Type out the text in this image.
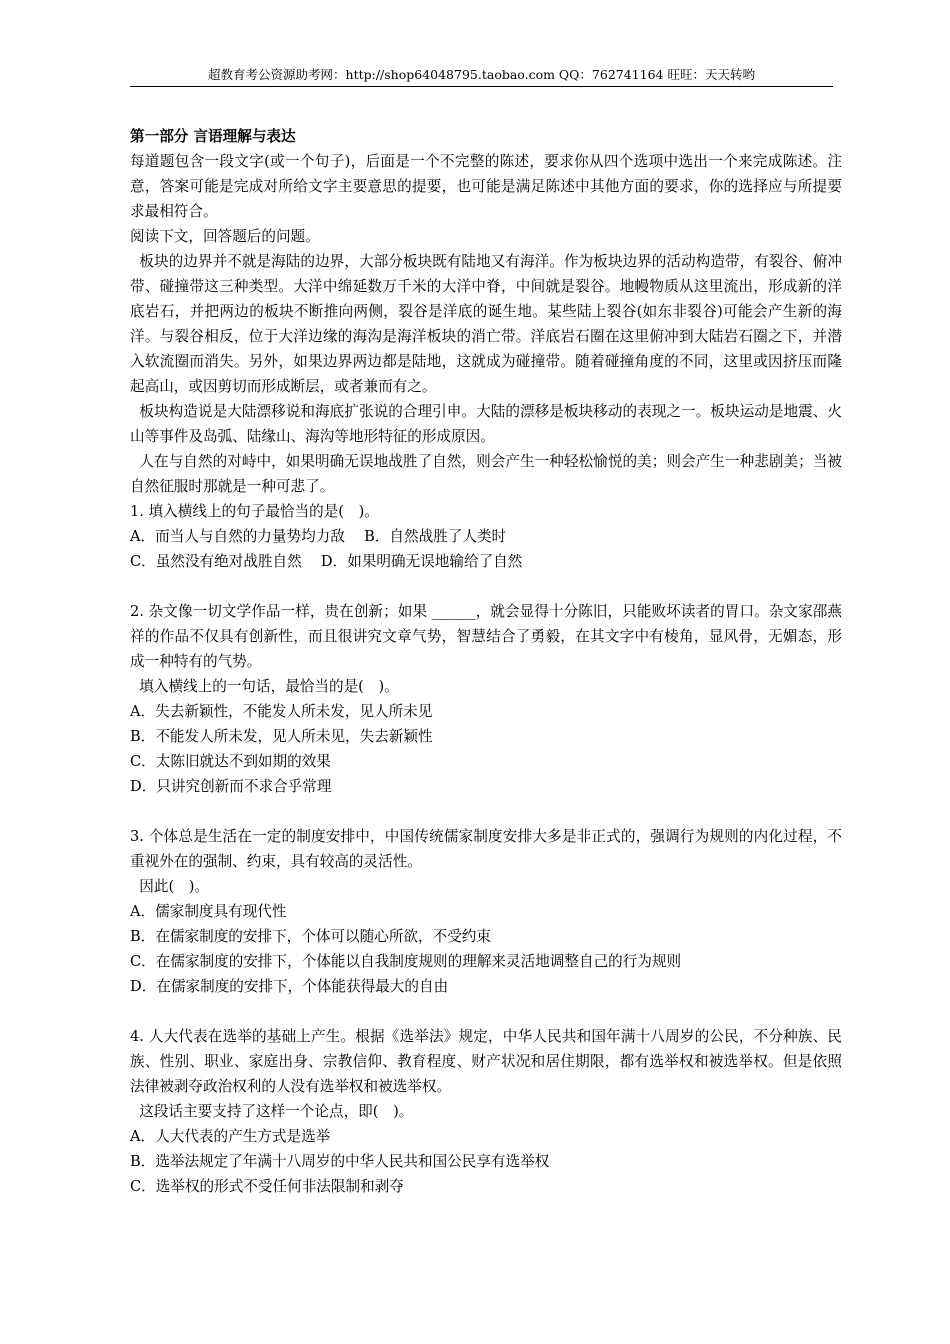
超教育考公资源助考网：http://shop64048795.taobao.com QQ：762741164 旺旺：天天转哟

第一部分 言语理解与表达

每道题包含一段文字(或一个句子)，后面是一个不完整的陈述，要求你从四个选项中选出一个来完成陈述。注意，答案可能是完成对所给文字主要意思的提要，也可能是满足陈述中其他方面的要求，你的选择应与所提要求最相符合。

阅读下文，回答题后的问题。

板块的边界并不就是海陆的边界，大部分板块既有陆地又有海洋。作为板块边界的活动构造带，有裂谷、俯冲带、碰撞带这三种类型。大洋中绵延数万千米的大洋中脊，中间就是裂谷。地幔物质从这里流出，形成新的洋底岩石，并把两边的板块不断推向两侧，裂谷是洋底的诞生地。某些陆上裂谷(如东非裂谷)可能会产生新的海洋。与裂谷相反，位于大洋边缘的海沟是海洋板块的消亡带。洋底岩石圈在这里俯冲到大陆岩石圈之下，并潜入软流圈而消失。另外，如果边界两边都是陆地，这就成为碰撞带。随着碰撞角度的不同，这里或因挤压而隆起高山，或因剪切而形成断层，或者兼而有之。

板块构造说是大陆漂移说和海底扩张说的合理引申。大陆的漂移是板块移动的表现之一。板块运动是地震、火山等事件及岛弧、陆缘山、海沟等地形特征的形成原因。

人在与自然的对峙中，如果明确无误地战胜了自然，则会产生一种轻松愉悦的美；则会产生一种悲剧美；当被自然征服时那就是一种可悲了。

1. 填入横线上的句子最恰当的是(　)。

A．而当人与自然的力量势均力敌　 B．自然战胜了人类时

C．虽然没有绝对战胜自然　 D．如果明确无误地输给了自然

2. 杂文像一切文学作品一样，贵在创新；如果 ______，就会显得十分陈旧，只能败坏读者的胃口。杂文家邵燕祥的作品不仅具有创新性，而且很讲究文章气势，智慧结合了勇毅，在其文字中有棱角，显风骨，无媚态，形成一种特有的气势。

填入横线上的一句话，最恰当的是(　)。

A．失去新颖性，不能发人所未发，见人所未见

B．不能发人所未发，见人所未见，失去新颖性

C．太陈旧就达不到如期的效果

D．只讲究创新而不求合乎常理

3. 个体总是生活在一定的制度安排中，中国传统儒家制度安排大多是非正式的，强调行为规则的内化过程，不重视外在的强制、约束，具有较高的灵活性。

因此(　)。

A．儒家制度具有现代性

B．在儒家制度的安排下，个体可以随心所欲，不受约束

C．在儒家制度的安排下，个体能以自我制度规则的理解来灵活地调整自己的行为规则

D．在儒家制度的安排下，个体能获得最大的自由

4. 人大代表在选举的基础上产生。根据《选举法》规定，中华人民共和国年满十八周岁的公民，不分种族、民族、性别、职业、家庭出身、宗教信仰、教育程度、财产状况和居住期限，都有选举权和被选举权。但是依照法律被剥夺政治权利的人没有选举权和被选举权。

这段话主要支持了这样一个论点，即(　)。

A．人大代表的产生方式是选举

B．选举法规定了年满十八周岁的中华人民共和国公民享有选举权

C．选举权的形式不受任何非法限制和剥夺
